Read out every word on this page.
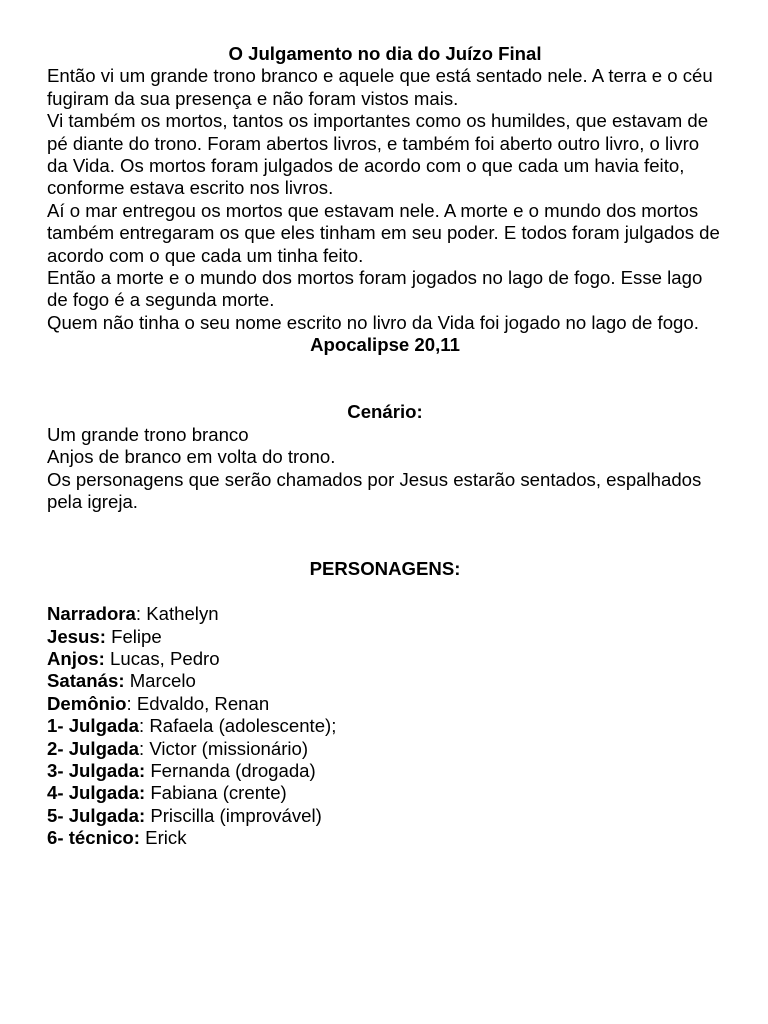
O Julgamento no dia do Juízo Final

Então vi um grande trono branco e aquele que está sentado nele. A terra e o céu fugiram da sua presença e não foram vistos mais.

Vi também os mortos, tantos os importantes como os humildes, que estavam de pé diante do trono. Foram abertos livros, e também foi aberto outro livro, o livro da Vida. Os mortos foram julgados de acordo com o que cada um havia feito, conforme estava escrito nos livros.

Aí o mar entregou os mortos que estavam nele. A morte e o mundo dos mortos também entregaram os que eles tinham em seu poder. E todos foram julgados de acordo com o que cada um tinha feito.

Então a morte e o mundo dos mortos foram jogados no lago de fogo. Esse lago de fogo é a segunda morte.

Quem não tinha o seu nome escrito no livro da Vida foi jogado no lago de fogo.

Apocalipse 20,11
Cenário:
Um grande trono branco
Anjos de branco em volta do trono.
Os personagens que serão chamados por Jesus estarão sentados, espalhados pela igreja.
PERSONAGENS:
Narradora: Kathelyn
Jesus: Felipe
Anjos: Lucas, Pedro
Satanás: Marcelo
Demônio: Edvaldo, Renan
1- Julgada: Rafaela (adolescente);
2- Julgada: Victor (missionário)
3- Julgada: Fernanda (drogada)
4- Julgada: Fabiana (crente)
5- Julgada: Priscilla (improvável)
6- técnico: Erick
